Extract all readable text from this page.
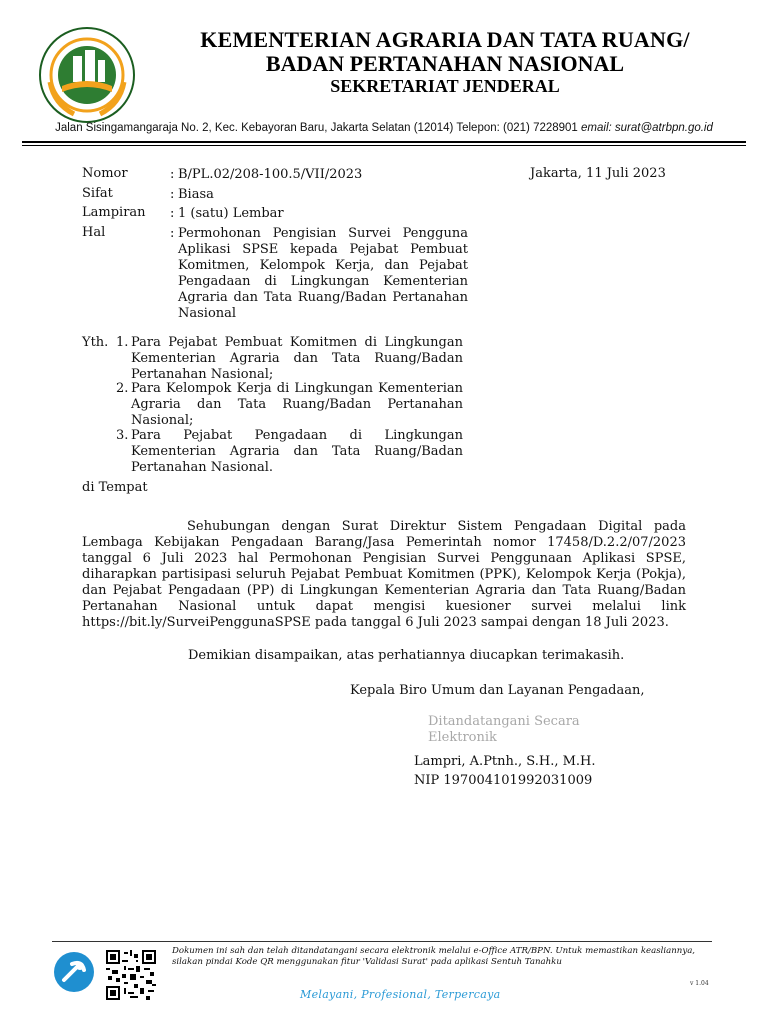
KEMENTERIAN AGRARIA DAN TATA RUANG/
BADAN PERTANAHAN NASIONAL
SEKRETARIAT JENDERAL
Jalan Sisingamangaraja No. 2, Kec. Kebayoran Baru, Jakarta Selatan (12014) Telepon: (021) 7228901 email: surat@atrbpn.go.id
Nomor	: B/PL.02/208-100.5/VII/2023	Jakarta, 11 Juli 2023
Sifat	: Biasa
Lampiran : 1 (satu) Lembar
Hal	: Permohonan Pengisian Survei Pengguna Aplikasi SPSE kepada Pejabat Pembuat Komitmen, Kelompok Kerja, dan Pejabat Pengadaan di Lingkungan Kementerian Agraria dan Tata Ruang/Badan Pertanahan Nasional
Yth. 1. Para Pejabat Pembuat Komitmen di Lingkungan Kementerian Agraria dan Tata Ruang/Badan Pertanahan Nasional;
2. Para Kelompok Kerja di Lingkungan Kementerian Agraria dan Tata Ruang/Badan Pertanahan Nasional;
3. Para Pejabat Pengadaan di Lingkungan Kementerian Agraria dan Tata Ruang/Badan Pertanahan Nasional.
di Tempat
Sehubungan dengan Surat Direktur Sistem Pengadaan Digital pada Lembaga Kebijakan Pengadaan Barang/Jasa Pemerintah nomor 17458/D.2.2/07/2023 tanggal 6 Juli 2023 hal Permohonan Pengisian Survei Penggunaan Aplikasi SPSE, diharapkan partisipasi seluruh Pejabat Pembuat Komitmen (PPK), Kelompok Kerja (Pokja), dan Pejabat Pengadaan (PP) di Lingkungan Kementerian Agraria dan Tata Ruang/Badan Pertanahan Nasional untuk dapat mengisi kuesioner survei melalui link https://bit.ly/SurveiPenggunaSPSE pada tanggal 6 Juli 2023 sampai dengan 18 Juli 2023.
Demikian disampaikan, atas perhatiannya diucapkan terimakasih.
Kepala Biro Umum dan Layanan Pengadaan,
Ditandatangani Secara Elektronik
Lampri, A.Ptnh., S.H., M.H.
NIP 197004101992031009
Dokumen ini sah dan telah ditandatangani secara elektronik melalui e-Office ATR/BPN. Untuk memastikan keasliannya, silakan pindai Kode QR menggunakan fitur 'Validasi Surat' pada aplikasi Sentuh Tanahku
v 1.04
Melayani, Profesional, Terpercaya
